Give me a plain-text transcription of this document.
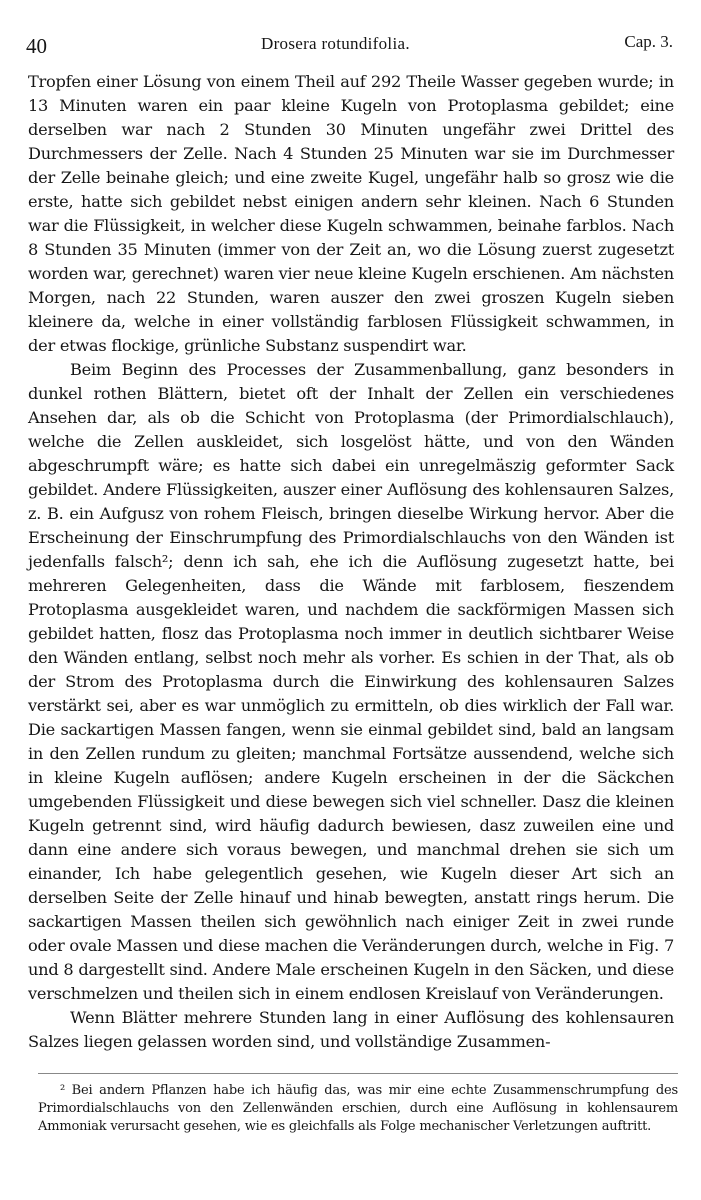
40	Drosera rotundifolia.	Cap. 3.

Tropfen einer Lösung von einem Theil auf 292 Theile Wasser gegeben wurde; in 13 Minuten waren ein paar kleine Kugeln von Protoplasma gebildet; eine derselben war nach 2 Stunden 30 Minuten ungefähr zwei Drittel des Durchmessers der Zelle. Nach 4 Stunden 25 Minuten war sie im Durchmesser der Zelle beinahe gleich; und eine zweite Kugel, ungefähr halb so grosz wie die erste, hatte sich gebildet nebst einigen andern sehr kleinen. Nach 6 Stunden war die Flüssigkeit, in welcher diese Kugeln schwammen, beinahe farblos. Nach 8 Stunden 35 Minuten (immer von der Zeit an, wo die Lösung zuerst zugesetzt worden war, gerechnet) waren vier neue kleine Kugeln erschienen. Am nächsten Morgen, nach 22 Stunden, waren auszer den zwei groszen Kugeln sieben kleinere da, welche in einer vollständig farblosen Flüssigkeit schwammen, in der etwas flockige, grünliche Substanz suspendirt war.

Beim Beginn des Processes der Zusammenballung, ganz besonders in dunkel rothen Blättern, bietet oft der Inhalt der Zellen ein verschiedenes Ansehen dar, als ob die Schicht von Protoplasma (der Primordialschlauch), welche die Zellen auskleidet, sich losgelöst hätte, und von den Wänden abgeschrumpft wäre; es hatte sich dabei ein unregelmäszig geformter Sack gebildet. Andere Flüssigkeiten, auszer einer Auflösung des kohlensauren Salzes, z. B. ein Aufgusz von rohem Fleisch, bringen dieselbe Wirkung hervor. Aber die Erscheinung der Einschrumpfung des Primordialschlauchs von den Wänden ist jedenfalls falsch²; denn ich sah, ehe ich die Auflösung zugesetzt hatte, bei mehreren Gelegenheiten, dass die Wände mit farblosem, fieszendem Protoplasma ausgekleidet waren, und nachdem die sackförmigen Massen sich gebildet hatten, flosz das Protoplasma noch immer in deutlich sichtbarer Weise den Wänden entlang, selbst noch mehr als vorher. Es schien in der That, als ob der Strom des Protoplasma durch die Einwirkung des kohlensauren Salzes verstärkt sei, aber es war unmöglich zu ermitteln, ob dies wirklich der Fall war. Die sackartigen Massen fangen, wenn sie einmal gebildet sind, bald an langsam in den Zellen rundum zu gleiten; manchmal Fortsätze aussendend, welche sich in kleine Kugeln auflösen; andere Kugeln erscheinen in der die Säckchen umgebenden Flüssigkeit und diese bewegen sich viel schneller. Dasz die kleinen Kugeln getrennt sind, wird häufig dadurch bewiesen, dasz zuweilen eine und dann eine andere sich voraus bewegen, und manchmal drehen sie sich um einander, Ich habe gelegentlich gesehen, wie Kugeln dieser Art sich an derselben Seite der Zelle hinauf und hinab bewegten, anstatt rings herum. Die sackartigen Massen theilen sich gewöhnlich nach einiger Zeit in zwei runde oder ovale Massen und diese machen die Veränderungen durch, welche in Fig. 7 und 8 dargestellt sind. Andere Male erscheinen Kugeln in den Säcken, und diese verschmelzen und theilen sich in einem endlosen Kreislauf von Veränderungen.

Wenn Blätter mehrere Stunden lang in einer Auflösung des kohlensauren Salzes liegen gelassen worden sind, und vollständige Zusammen-

² Bei andern Pflanzen habe ich häufig das, was mir eine echte Zusammenschrumpfung des Primordialschlauchs von den Zellenwänden erschien, durch eine Auflösung in kohlensaurem Ammoniak verursacht gesehen, wie es gleichfalls als Folge mechanischer Verletzungen auftritt.
